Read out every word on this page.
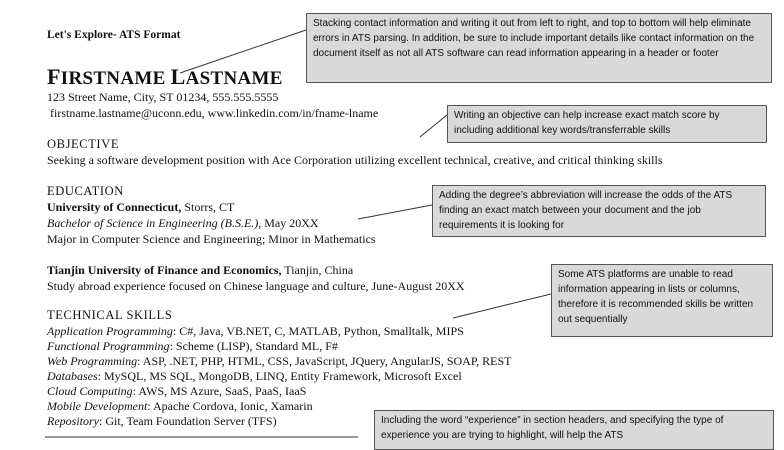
Let's Explore- ATS Format
FIRSTNAME LASTNAME
123 Street Name, City, ST 01234, 555.555.5555
firstname.lastname@uconn.edu, www.linkedin.com/in/fname-lname
OBJECTIVE
Seeking a software development position with Ace Corporation utilizing excellent technical, creative, and critical thinking skills
EDUCATION
University of Connecticut, Storrs, CT
Bachelor of Science in Engineering (B.S.E.), May 20XX
Major in Computer Science and Engineering; Minor in Mathematics
Tianjin University of Finance and Economics, Tianjin, China
Study abroad experience focused on Chinese language and culture, June-August 20XX
TECHNICAL SKILLS
Application Programming: C#, Java, VB.NET, C, MATLAB, Python, Smalltalk, MIPS
Functional Programming: Scheme (LISP), Standard ML, F#
Web Programming: ASP, .NET, PHP, HTML, CSS, JavaScript, JQuery, AngularJS, SOAP, REST
Databases: MySQL, MS SQL, MongoDB, LINQ, Entity Framework, Microsoft Excel
Cloud Computing: AWS, MS Azure, SaaS, PaaS, IaaS
Mobile Development: Apache Cordova, Ionic, Xamarin
Repository: Git, Team Foundation Server (TFS)
Stacking contact information and writing it out from left to right, and top to bottom will help eliminate errors in ATS parsing. In addition, be sure to include important details like contact information on the document itself as not all ATS software can read information appearing in a header or footer
Writing an objective can help increase exact match score by including additional key words/transferrable skills
Adding the degree’s abbreviation will increase the odds of the ATS finding an exact match between your document and the job requirements it is looking for
Some ATS platforms are unable to read information appearing in lists or columns, therefore it is recommended skills be written out sequentially
Including the word “experience” in section headers, and specifying the type of experience you are trying to highlight, will help the ATS
